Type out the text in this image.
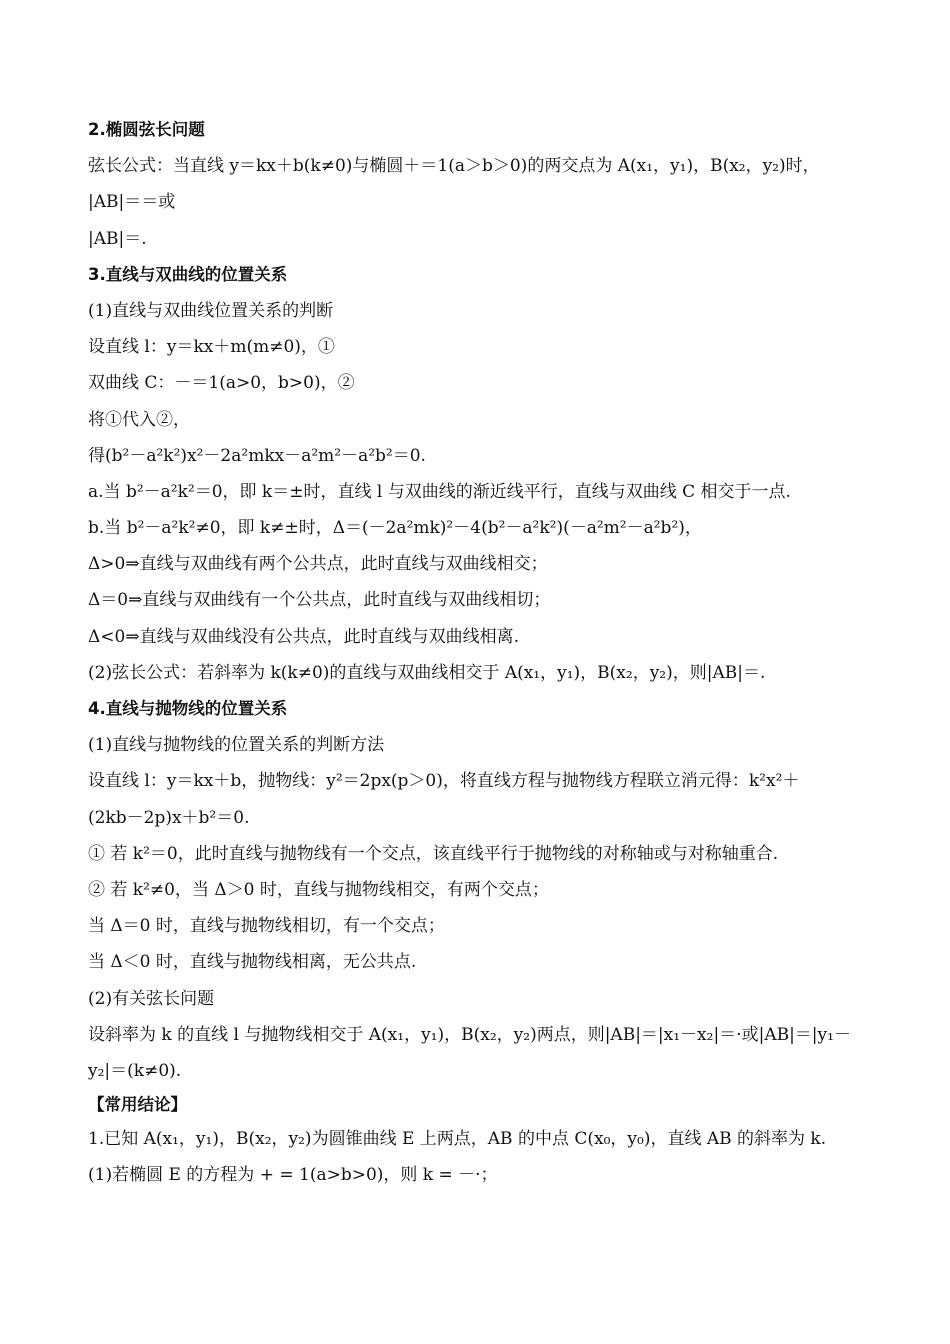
2.椭圆弦长问题
弦长公式：当直线 y＝kx＋b(k≠0)与椭圆＋＝1(a＞b＞0)的两交点为 A(x₁，y₁)，B(x₂，y₂)时，
|AB|＝＝或
|AB|＝.
3.直线与双曲线的位置关系
(1)直线与双曲线位置关系的判断
设直线 l：y＝kx＋m(m≠0)，①
双曲线 C：－＝1(a>0，b>0)，②
将①代入②，
得(b²－a²k²)x²－2a²mkx－a²m²－a²b²＝0.
a.当 b²－a²k²＝0，即 k＝±时，直线 l 与双曲线的渐近线平行，直线与双曲线 C 相交于一点.
b.当 b²－a²k²≠0，即 k≠±时，Δ＝(－2a²mk)²－4(b²－a²k²)(－a²m²－a²b²)，
Δ>0⇒直线与双曲线有两个公共点，此时直线与双曲线相交；
Δ＝0⇒直线与双曲线有一个公共点，此时直线与双曲线相切；
Δ<0⇒直线与双曲线没有公共点，此时直线与双曲线相离.
(2)弦长公式：若斜率为 k(k≠0)的直线与双曲线相交于 A(x₁，y₁)，B(x₂，y₂)，则|AB|＝.
4.直线与抛物线的位置关系
(1)直线与抛物线的位置关系的判断方法
设直线 l：y＝kx＋b，抛物线：y²＝2px(p＞0)，将直线方程与抛物线方程联立消元得：k²x²＋
(2kb－2p)x＋b²＝0.
① 若 k²＝0，此时直线与抛物线有一个交点，该直线平行于抛物线的对称轴或与对称轴重合.
② 若 k²≠0，当 Δ＞0 时，直线与抛物线相交，有两个交点；
当 Δ＝0 时，直线与抛物线相切，有一个交点；
当 Δ＜0 时，直线与抛物线相离，无公共点.
(2)有关弦长问题
设斜率为 k 的直线 l 与抛物线相交于 A(x₁，y₁)，B(x₂，y₂)两点，则|AB|＝|x₁－x₂|＝·或|AB|＝|y₁－
y₂|＝(k≠0).
【常用结论】
1.已知 A(x₁，y₁)，B(x₂，y₂)为圆锥曲线 E 上两点，AB 的中点 C(x₀，y₀)，直线 AB 的斜率为 k.
(1)若椭圆 E 的方程为 + = 1(a>b>0)，则 k = －·；
